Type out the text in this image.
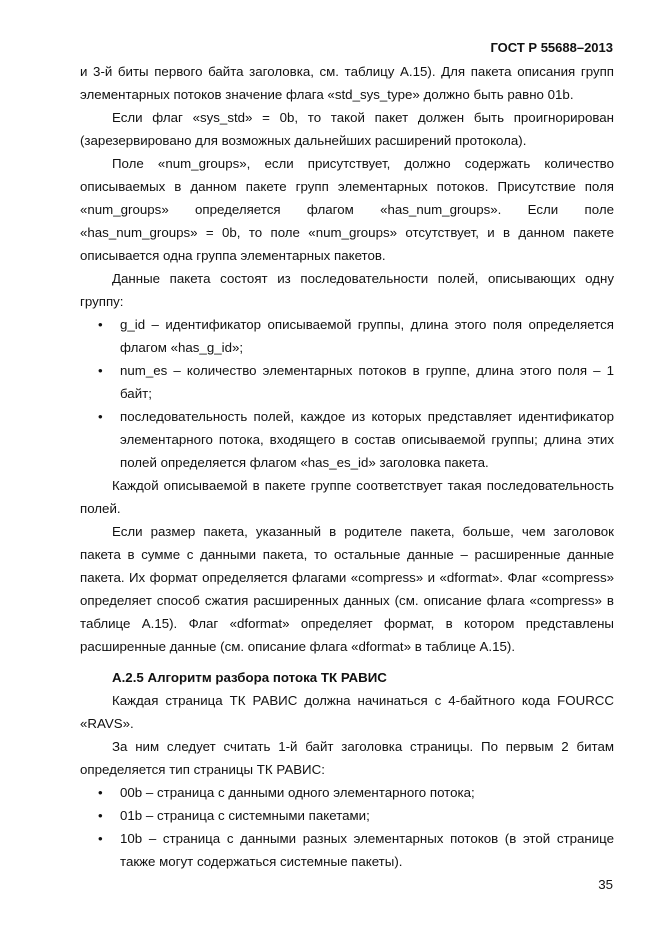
ГОСТ Р 55688–2013

и 3-й биты первого байта заголовка, см. таблицу А.15). Для пакета описания групп элементарных потоков значение флага «std_sys_type» должно быть равно 01b.

Если флаг «sys_std» = 0b, то такой пакет должен быть проигнорирован (зарезервировано для возможных дальнейших расширений протокола).

Поле «num_groups», если присутствует, должно содержать количество описываемых в данном пакете групп элементарных потоков. Присутствие поля «num_groups» определяется флагом «has_num_groups». Если поле «has_num_groups» = 0b, то поле «num_groups» отсутствует, и в данном пакете описывается одна группа элементарных пакетов.

Данные пакета состоят из последовательности полей, описывающих одну группу:

• g_id – идентификатор описываемой группы, длина этого поля определяется флагом «has_g_id»;
• num_es – количество элементарных потоков в группе, длина этого поля – 1 байт;
• последовательность полей, каждое из которых представляет идентификатор элементарного потока, входящего в состав описываемой группы; длина этих полей определяется флагом «has_es_id» заголовка пакета.

Каждой описываемой в пакете группе соответствует такая последовательность полей.

Если размер пакета, указанный в родителе пакета, больше, чем заголовок пакета в сумме с данными пакета, то остальные данные – расширенные данные пакета. Их формат определяется флагами «compress» и «dformat». Флаг «compress» определяет способ сжатия расширенных данных (см. описание флага «compress» в таблице А.15). Флаг «dformat» определяет формат, в котором представлены расширенные данные (см. описание флага «dformat» в таблице А.15).

А.2.5 Алгоритм разбора потока ТК РАВИС

Каждая страница ТК РАВИС должна начинаться с 4-байтного кода FOURCC «RAVS».

За ним следует считать 1-й байт заголовка страницы. По первым 2 битам определяется тип страницы ТК РАВИС:

• 00b – страница с данными одного элементарного потока;
• 01b – страница с системными пакетами;
• 10b – страница с данными разных элементарных потоков (в этой странице также могут содержаться системные пакеты).
35
